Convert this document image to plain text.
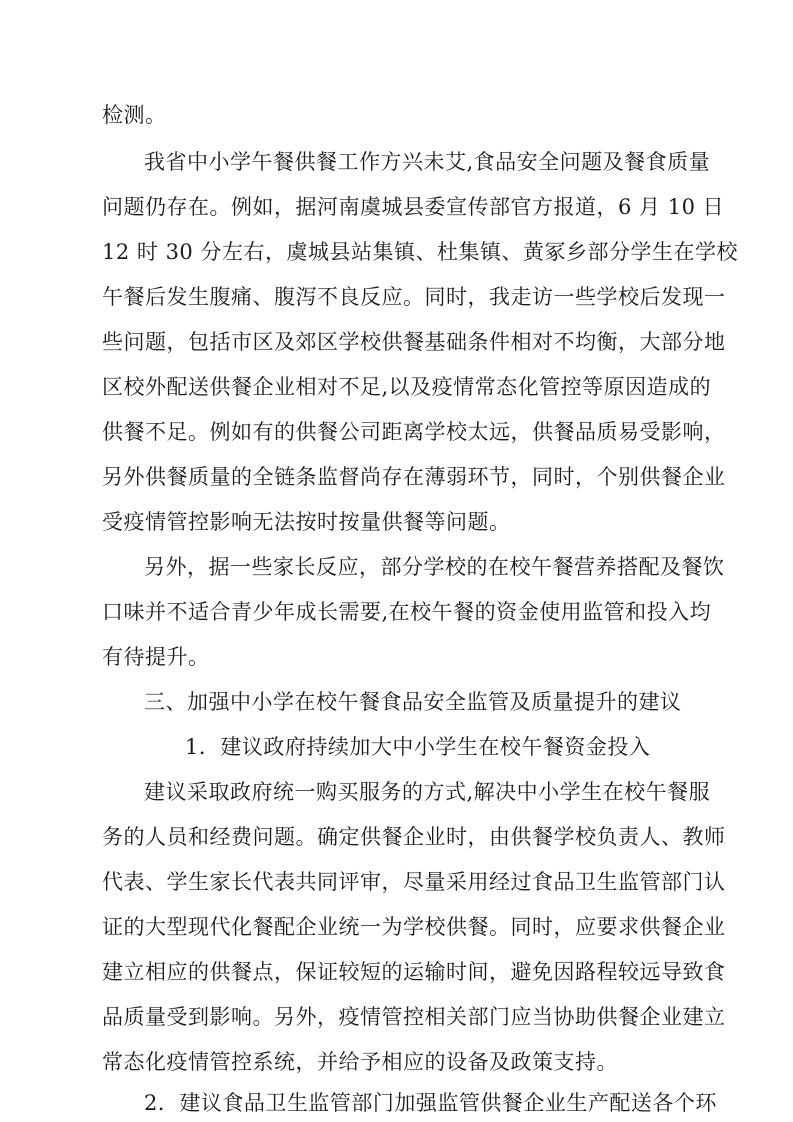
检测。
我省中小学午餐供餐工作方兴未艾,食品安全问题及餐食质量
问题仍存在。例如，据河南虞城县委宣传部官方报道，6 月 10 日
12 时 30 分左右，虞城县站集镇、杜集镇、黄冢乡部分学生在学校
午餐后发生腹痛、腹泻不良反应。同时，我走访一些学校后发现一
些问题，包括市区及郊区学校供餐基础条件相对不均衡，大部分地
区校外配送供餐企业相对不足,以及疫情常态化管控等原因造成的
供餐不足。例如有的供餐公司距离学校太远，供餐品质易受影响，
另外供餐质量的全链条监督尚存在薄弱环节，同时，个别供餐企业
受疫情管控影响无法按时按量供餐等问题。
另外，据一些家长反应，部分学校的在校午餐营养搭配及餐饮
口味并不适合青少年成长需要,在校午餐的资金使用监管和投入均
有待提升。
三、加强中小学在校午餐食品安全监管及质量提升的建议
1．建议政府持续加大中小学生在校午餐资金投入
建议采取政府统一购买服务的方式,解决中小学生在校午餐服
务的人员和经费问题。确定供餐企业时，由供餐学校负责人、教师
代表、学生家长代表共同评审，尽量采用经过食品卫生监管部门认
证的大型现代化餐配企业统一为学校供餐。同时，应要求供餐企业
建立相应的供餐点，保证较短的运输时间，避免因路程较远导致食
品质量受到影响。另外，疫情管控相关部门应当协助供餐企业建立
常态化疫情管控系统，并给予相应的设备及政策支持。
2．建议食品卫生监管部门加强监管供餐企业生产配送各个环
